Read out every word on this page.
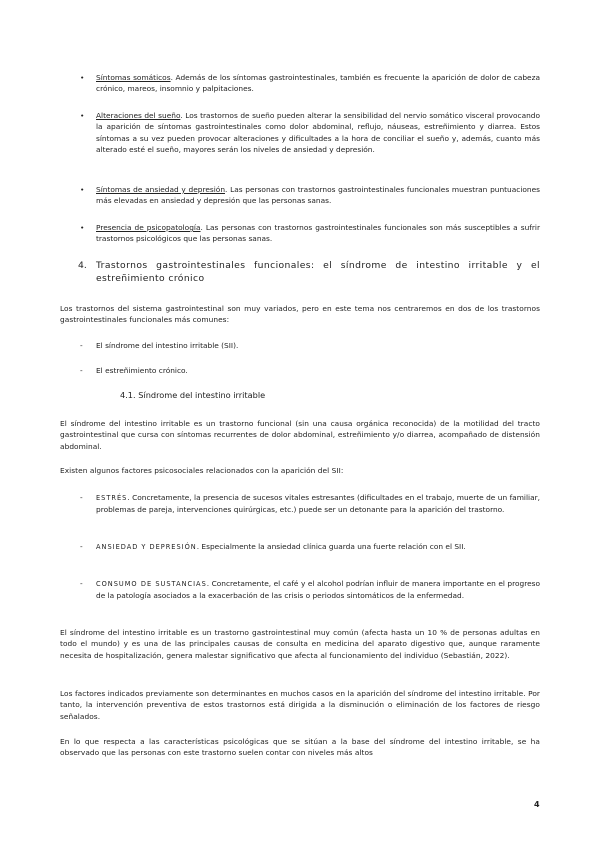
•	Síntomas somáticos. Además de los síntomas gastrointestinales, también es frecuente la aparición de dolor de cabeza crónico, mareos, insomnio y palpitaciones.
•	Alteraciones del sueño. Los trastornos de sueño pueden alterar la sensibilidad del nervio somático visceral provocando la aparición de síntomas gastrointestinales como dolor abdominal, reflujo, náuseas, estreñimiento y diarrea. Estos síntomas a su vez pueden provocar alteraciones y dificultades a la hora de conciliar el sueño y, además, cuanto más alterado esté el sueño, mayores serán los niveles de ansiedad y depresión.
•	Síntomas de ansiedad y depresión. Las personas con trastornos gastrointestinales funcionales muestran puntuaciones más elevadas en ansiedad y depresión que las personas sanas.
•	Presencia de psicopatología. Las personas con trastornos gastrointestinales funcionales son más susceptibles a sufrir trastornos psicológicos que las personas sanas.
4. Trastornos gastrointestinales funcionales: el síndrome de intestino irritable y el estreñimiento crónico
Los trastornos del sistema gastrointestinal son muy variados, pero en este tema nos centraremos en dos de los trastornos gastrointestinales funcionales más comunes:
-	El síndrome del intestino irritable (SII).
-	El estreñimiento crónico.
4.1. Síndrome del intestino irritable
El síndrome del intestino irritable es un trastorno funcional (sin una causa orgánica reconocida) de la motilidad del tracto gastrointestinal que cursa con síntomas recurrentes de dolor abdominal, estreñimiento y/o diarrea, acompañado de distensión abdominal.
Existen algunos factores psicosociales relacionados con la aparición del SII:
-	ESTRÉS. Concretamente, la presencia de sucesos vitales estresantes (dificultades en el trabajo, muerte de un familiar, problemas de pareja, intervenciones quirúrgicas, etc.) puede ser un detonante para la aparición del trastorno.
-	ANSIEDAD Y DEPRESIÓN. Especialmente la ansiedad clínica guarda una fuerte relación con el SII.
-	CONSUMO DE SUSTANCIAS. Concretamente, el café y el alcohol podrían influir de manera importante en el progreso de la patología asociados a la exacerbación de las crisis o periodos sintomáticos de la enfermedad.
El síndrome del intestino irritable es un trastorno gastrointestinal muy común (afecta hasta un 10 % de personas adultas en todo el mundo) y es una de las principales causas de consulta en medicina del aparato digestivo que, aunque raramente necesita de hospitalización, genera malestar significativo que afecta al funcionamiento del individuo (Sebastián, 2022).
Los factores indicados previamente son determinantes en muchos casos en la aparición del síndrome del intestino irritable. Por tanto, la intervención preventiva de estos trastornos está dirigida a la disminución o eliminación de los factores de riesgo señalados.
En lo que respecta a las características psicológicas que se sitúan a la base del síndrome del intestino irritable, se ha observado que las personas con este trastorno suelen contar con niveles más altos
4
